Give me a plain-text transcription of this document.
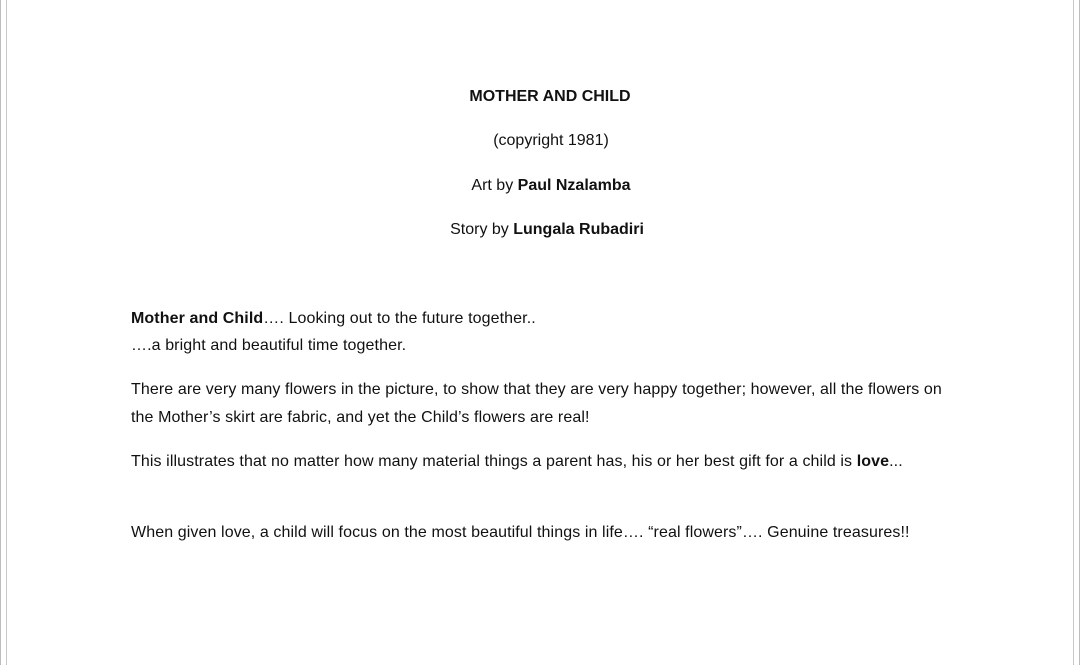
MOTHER AND CHILD
(copyright 1981)
Art by Paul Nzalamba
Story by Lungala Rubadiri
Mother and Child…. Looking out to the future together..
….a bright and beautiful time together.
There are very many flowers in the picture, to show that they are very happy together; however, all the flowers on the Mother’s skirt are fabric, and yet the Child’s flowers are real!
This illustrates that no matter how many material things a parent has, his or her best gift for a child is love...
When given love, a child will focus on the most beautiful things in life…. “real flowers”…. Genuine treasures!!
